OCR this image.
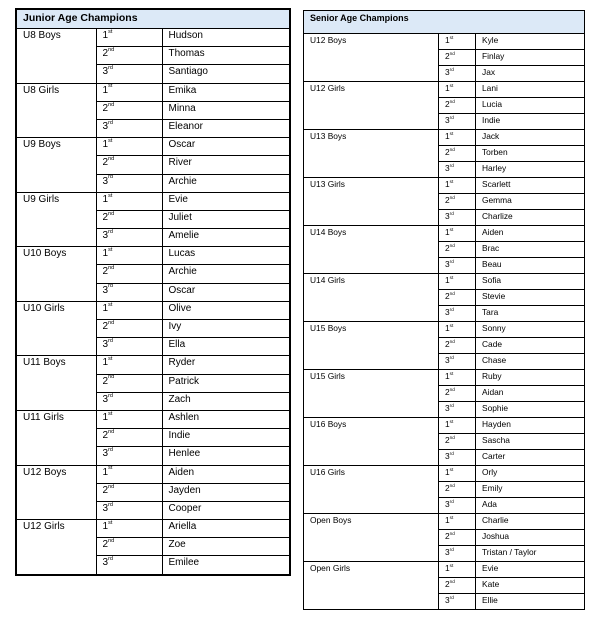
Junior Age Champions		
U8 Boys	1st	Hudson
	2nd	Thomas
	3rd	Santiago
U8 Girls	1st	Emika
	2nd	Minna
	3rd	Eleanor
U9 Boys	1st	Oscar
	2nd	River
	3rd	Archie
U9 Girls	1st	Evie
	2nd	Juliet
	3rd	Amelie
U10 Boys	1st	Lucas
	2nd	Archie
	3rd	Oscar
U10 Girls	1st	Olive
	2nd	Ivy
	3rd	Ella
U11 Boys	1st	Ryder
	2nd	Patrick
	3rd	Zach
U11 Girls	1st	Ashlen
	2nd	Indie
	3rd	Henlee
U12 Boys	1st	Aiden
	2nd	Jayden
	3rd	Cooper
U12 Girls	1st	Ariella
	2nd	Zoe
	3rd	Emilee
Senior Age Champions		
U12 Boys	1st	Kyle
	2nd	Finlay
	3rd	Jax
U12 Girls	1st	Lani
	2nd	Lucia
	3rd	Indie
U13 Boys	1st	Jack
	2nd	Torben
	3rd	Harley
U13 Girls	1st	Scarlett
	2nd	Gemma
	3rd	Charlize
U14 Boys	1st	Aiden
	2nd	Brac
	3rd	Beau
U14 Girls	1st	Sofia
	2nd	Stevie
	3rd	Tara
U15 Boys	1st	Sonny
	2nd	Cade
	3rd	Chase
U15 Girls	1st	Ruby
	2nd	Aidan
	3rd	Sophie
U16 Boys	1st	Hayden
	2nd	Sascha
	3rd	Carter
U16 Girls	1st	Orly
	2nd	Emily
	3rd	Ada
Open Boys	1st	Charlie
	2nd	Joshua
	3rd	Tristan / Taylor
Open Girls	1st	Evie
	2nd	Kate
	3rd	Ellie
